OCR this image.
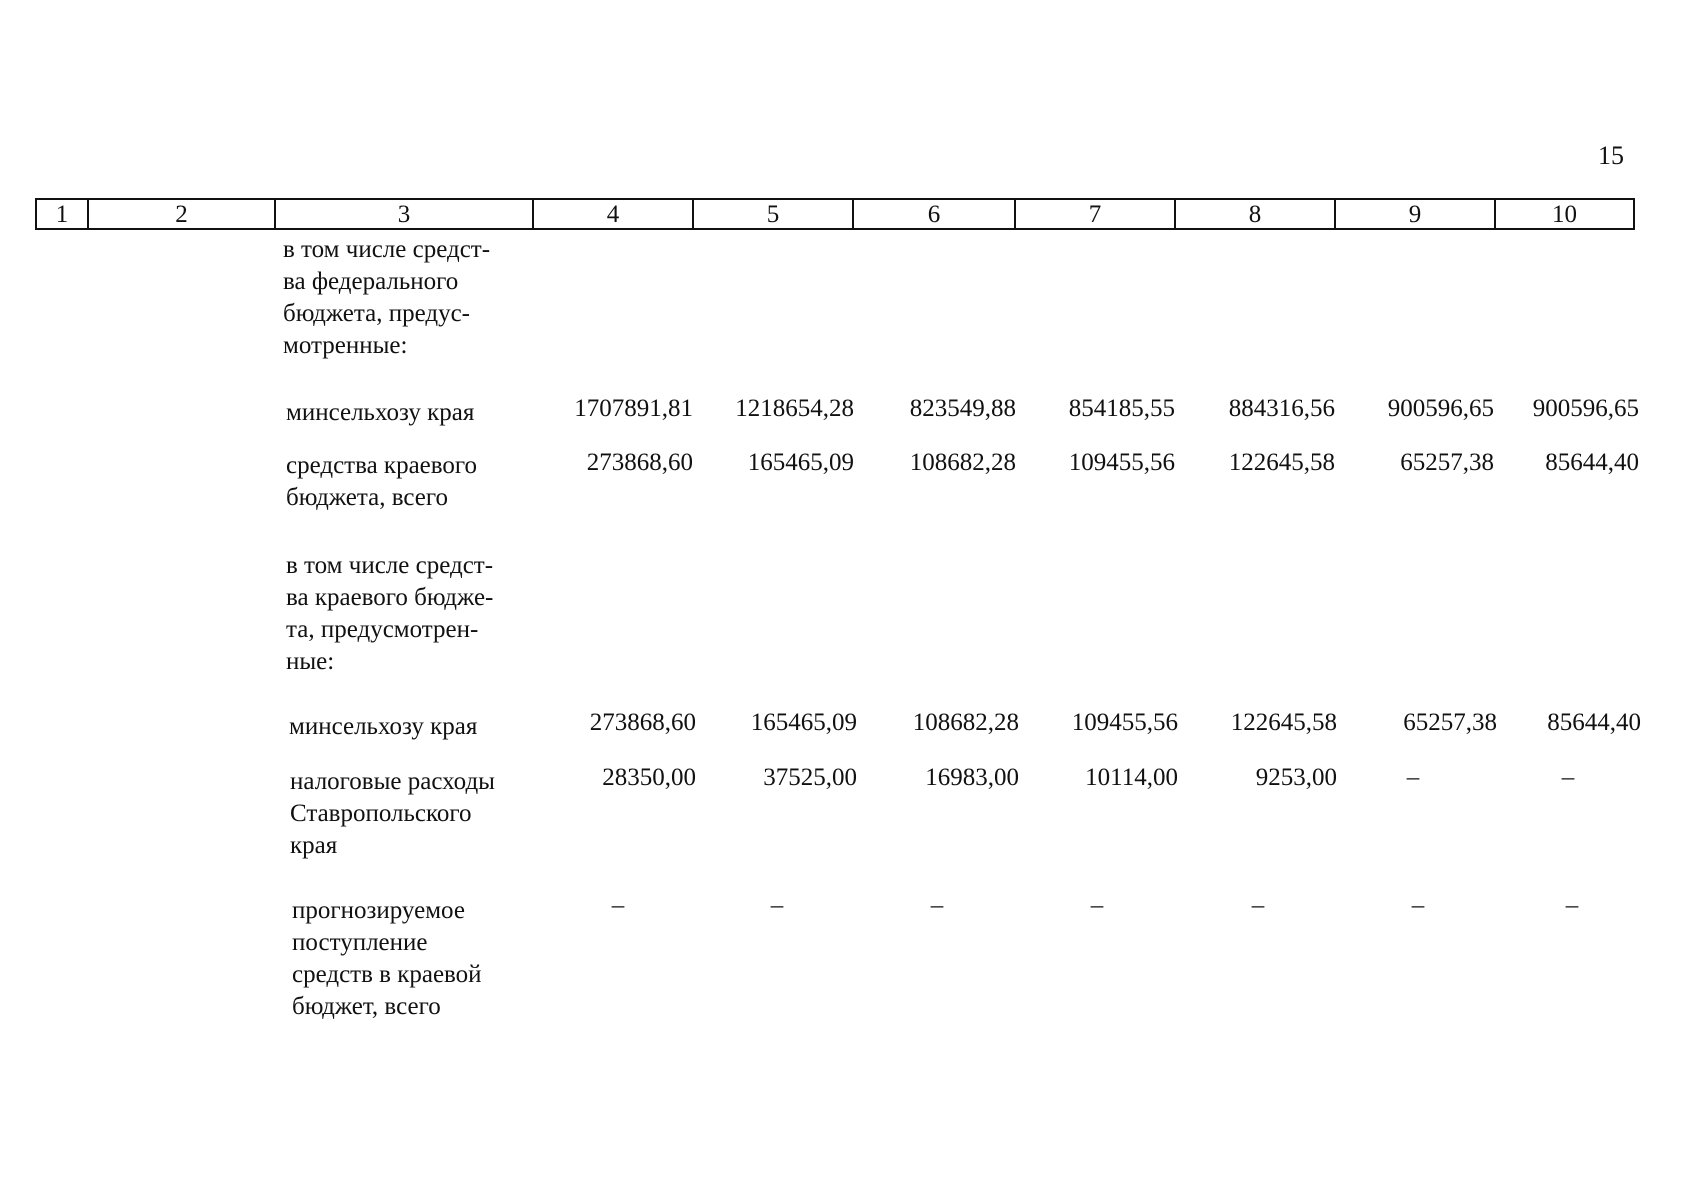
15
1	2	3	4	5	6	7	8	9	10
в том числе средст-
ва федерального
бюджета, предус-
мотренные:
минсельхозу края	1707891,81	1218654,28	823549,88	854185,55	884316,56	900596,65	900596,65
средства краевого
бюджета, всего
273868,60	165465,09	108682,28	109455,56	122645,58	65257,38	85644,40
в том числе средст-
ва краевого бюдже-
та, предусмотрен-
ные:
минсельхозу края	273868,60	165465,09	108682,28	109455,56	122645,58	65257,38	85644,40
налоговые расходы
Ставропольского
края
28350,00	37525,00	16983,00	10114,00	9253,00	–	–
прогнозируемое
поступление
средств в краевой
бюджет, всего
–	–	–	–	–	–	–
